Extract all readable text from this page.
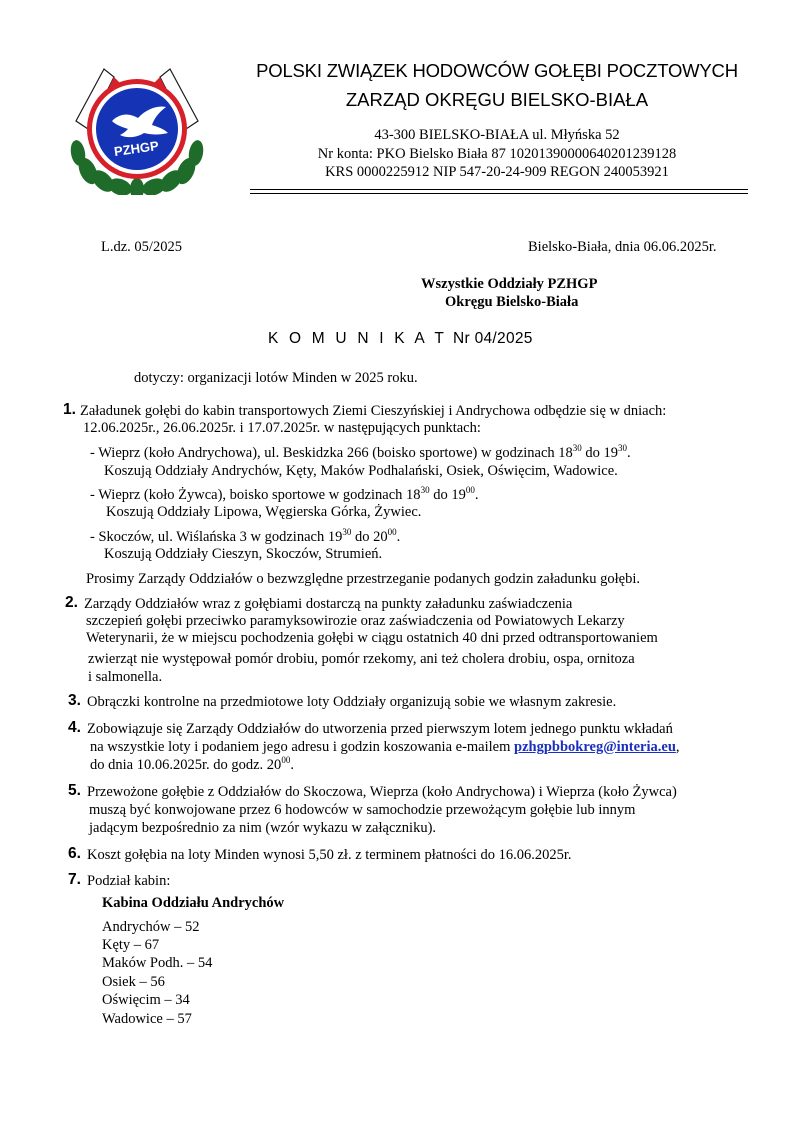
PZHGP
POLSKI ZWIĄZEK HODOWCÓW GOŁĘBI POCZTOWYCH
ZARZĄD OKRĘGU BIELSKO-BIAŁA
43-300 BIELSKO-BIAŁA ul. Młyńska 52
Nr konta: PKO Bielsko Biała 87 10201390000640201239128
KRS 0000225912 NIP 547-20-24-909 REGON 240053921
L.dz. 05/2025	Bielsko-Biała, dnia 06.06.2025r.
Wszystkie Oddziały PZHGP
Okręgu Bielsko-Biała
K O M U N I K A T Nr 04/2025
dotyczy: organizacji lotów Minden w 2025 roku.
1. Załadunek gołębi do kabin transportowych Ziemi Cieszyńskiej i Andrychowa odbędzie się w dniach:
12.06.2025r., 26.06.2025r. i 17.07.2025r. w następujących punktach:
- Wieprz (koło Andrychowa), ul. Beskidzka 266 (boisko sportowe) w godzinach $18^{30}$ do $19^{30}$.
Koszują Oddziały Andrychów, Kęty, Maków Podhalański, Osiek, Oświęcim, Wadowice.
- Wieprz (koło Żywca), boisko sportowe w godzinach $18^{30}$ do $19^{00}$.
Koszują Oddziały Lipowa, Węgierska Górka, Żywiec.
- Skoczów, ul. Wiślańska 3 w godzinach $19^{30}$ do $20^{00}$.
Koszują Oddziały Cieszyn, Skoczów, Strumień.
Prosimy Zarządy Oddziałów o bezwzględne przestrzeganie podanych godzin załadunku gołębi.
2. Zarządy Oddziałów wraz z gołębiami dostarczą na punkty załadunku zaświadczenia
szczepień gołębi przeciwko paramyksowirozie oraz zaświadczenia od Powiatowych Lekarzy
Weterynarii, że w miejscu pochodzenia gołębi w ciągu ostatnich 40 dni przed odtransportowaniem
zwierząt nie występował pomór drobiu, pomór rzekomy, ani też cholera drobiu, ospa, ornitoza
i salmonella.
3. Obrączki kontrolne na przedmiotowe loty Oddziały organizują sobie we własnym zakresie.
4. Zobowiązuje się Zarządy Oddziałów do utworzenia przed pierwszym lotem jednego punktu wkładań
na wszystkie loty i podaniem jego adresu i godzin koszowania e-mailem pzhgpbbokreg@interia.eu,
do dnia 10.06.2025r. do godz. $20^{00}$.
5. Przewożone gołębie z Oddziałów do Skoczowa, Wieprza (koło Andrychowa) i Wieprza (koło Żywca)
muszą być konwojowane przez 6 hodowców w samochodzie przewożącym gołębie lub innym
jadącym bezpośrednio za nim (wzór wykazu w załączniku).
6. Koszt gołębia na loty Minden wynosi 5,50 zł. z terminem płatności do 16.06.2025r.
7. Podział kabin:
Kabina Oddziału Andrychów
Andrychów – 52
Kęty – 67
Maków Podh. – 54
Osiek – 56
Oświęcim – 34
Wadowice – 57
